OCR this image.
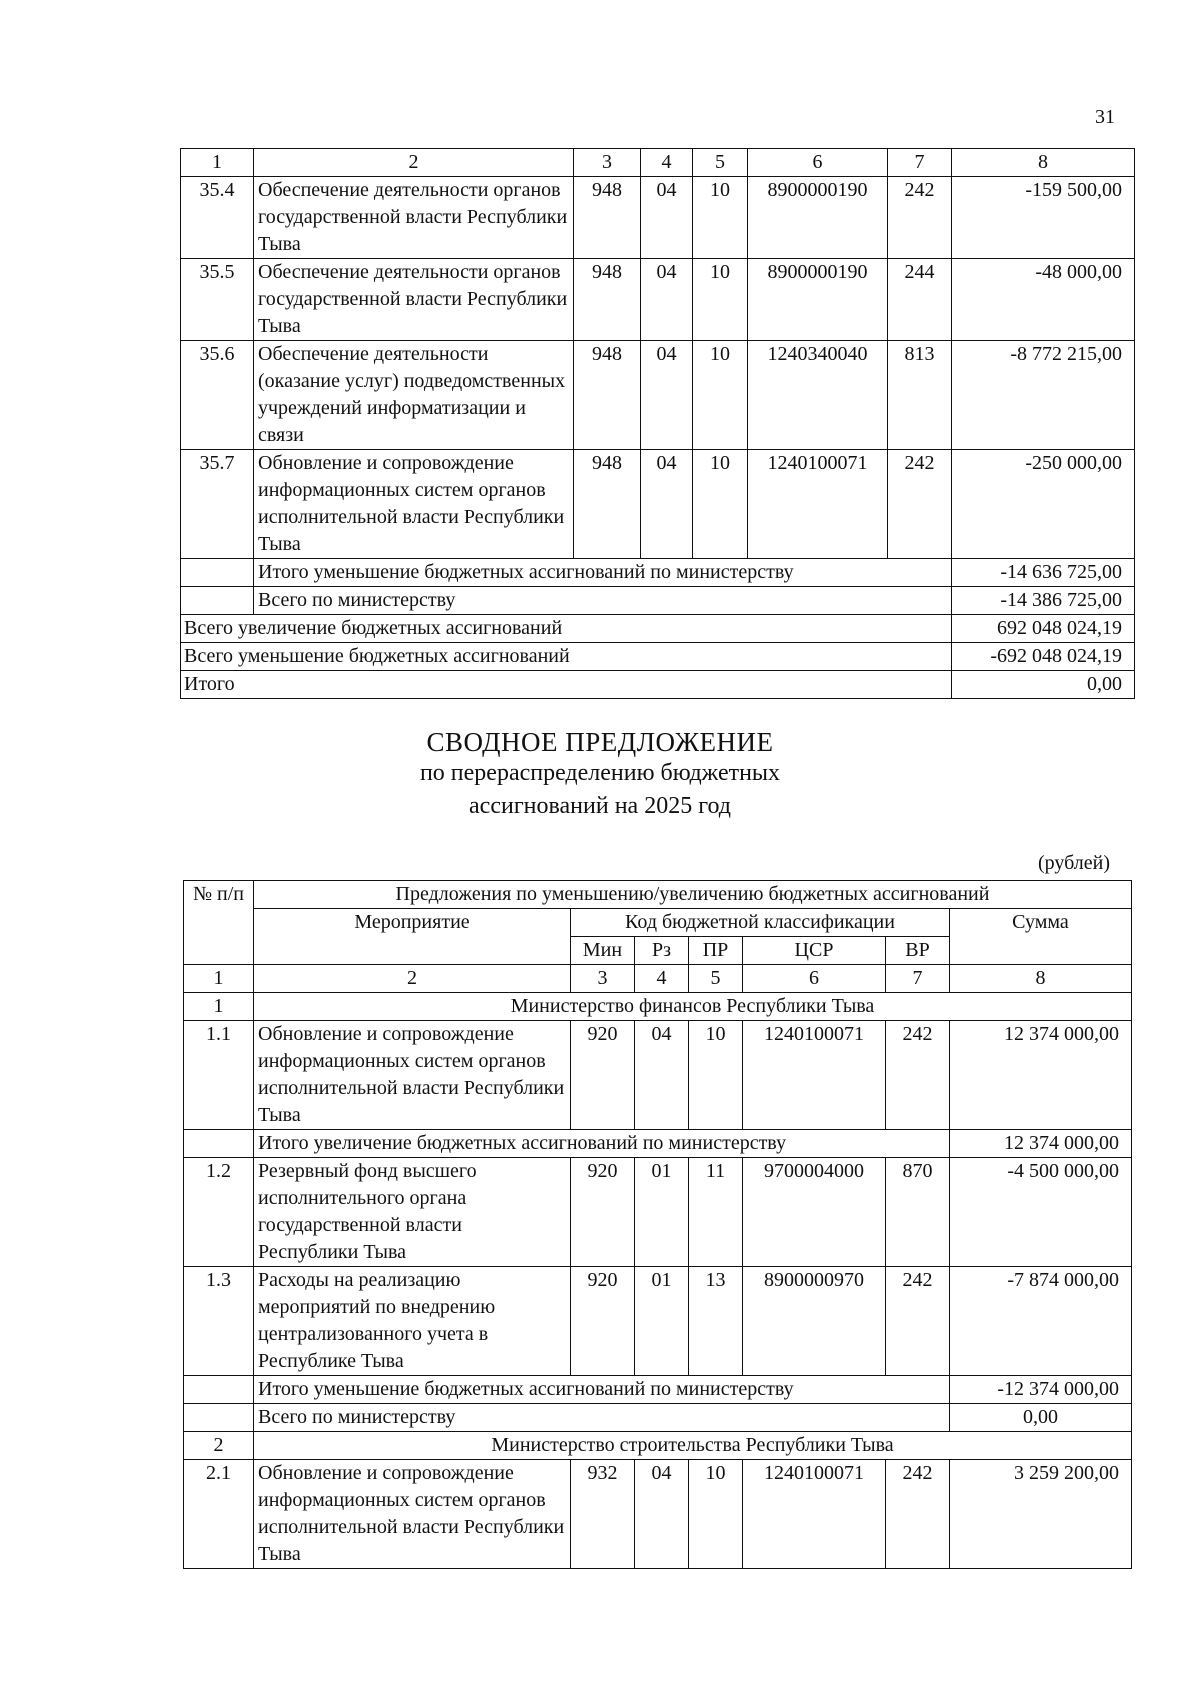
31
1	2	3	4	5	6	7	8
35.4	Обеспечение деятельности органов государственной власти Республики Тыва	948	04	10	8900000190	242	-159 500,00
35.5	Обеспечение деятельности органов государственной власти Республики Тыва	948	04	10	8900000190	244	-48 000,00
35.6	Обеспечение деятельности (оказание услуг) подведомственных учреждений информатизации и связи	948	04	10	1240340040	813	-8 772 215,00
35.7	Обновление и сопровождение информационных систем органов исполнительной власти Республики Тыва	948	04	10	1240100071	242	-250 000,00
	Итого уменьшение бюджетных ассигнований по министерству						-14 636 725,00
	Всего по министерству						-14 386 725,00
Всего увеличение бюджетных ассигнований							692 048 024,19
Всего уменьшение бюджетных ассигнований							-692 048 024,19
Итого							0,00
СВОДНОЕ ПРЕДЛОЖЕНИЕ
по перераспределению бюджетных
ассигнований на 2025 год
(рублей)
№ п/п	Предложения по уменьшению/увеличению бюджетных ассигнований						
	Мероприятие	Код бюджетной классификации					Сумма
		Мин	Рз	ПР	ЦСР	ВР	
1	2	3	4	5	6	7	8
1	Министерство финансов Республики Тыва						
1.1	Обновление и сопровождение информационных систем органов исполнительной власти Республики Тыва	920	04	10	1240100071	242	12 374 000,00
	Итого увеличение бюджетных ассигнований по министерству						12 374 000,00
1.2	Резервный фонд высшего исполнительного органа государственной власти Республики Тыва	920	01	11	9700004000	870	-4 500 000,00
1.3	Расходы на реализацию мероприятий по внедрению централизованного учета в Республике Тыва	920	01	13	8900000970	242	-7 874 000,00
	Итого уменьшение бюджетных ассигнований по министерству						-12 374 000,00
	Всего по министерству						0,00
2	Министерство строительства Республики Тыва						
2.1	Обновление и сопровождение информационных систем органов исполнительной власти Республики Тыва	932	04	10	1240100071	242	3 259 200,00
